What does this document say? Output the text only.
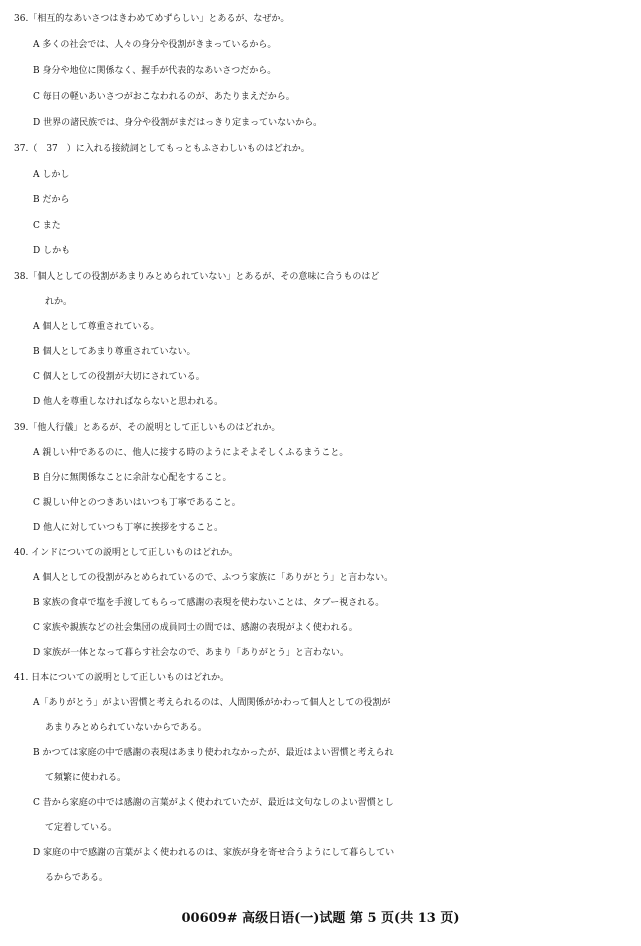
36.「相互的なあいさつはきわめてめずらしい」とあるが、なぜか。
A 多くの社会では、人々の身分や役割がきまっているから。
B 身分や地位に関係なく、握手が代表的なあいさつだから。
C 毎日の軽いあいさつがおこなわれるのが、あたりまえだから。
D 世界の諸民族では、身分や役割がまだはっきり定まっていないから。
37.（　37　）に入れる接続詞としてもっともふさわしいものはどれか。
A しかし
B だから
C また
D しかも
38.「個人としての役割があまりみとめられていない」とあるが、その意味に合うものはど
れか。
A 個人として尊重されている。
B 個人としてあまり尊重されていない。
C 個人としての役割が大切にされている。
D 他人を尊重しなければならないと思われる。
39.「他人行儀」とあるが、その説明として正しいものはどれか。
A 親しい仲であるのに、他人に接する時のようによそよそしくふるまうこと。
B 自分に無関係なことに余計な心配をすること。
C 親しい仲とのつきあいはいつも丁寧であること。
D 他人に対していつも丁寧に挨拶をすること。
40. インドについての説明として正しいものはどれか。
A 個人としての役割がみとめられているので、ふつう家族に「ありがとう」と言わない。
B 家族の食卓で塩を手渡してもらって感謝の表現を使わないことは、タブー視される。
C 家族や親族などの社会集団の成員同士の間では、感謝の表現がよく使われる。
D 家族が一体となって暮らす社会なので、あまり「ありがとう」と言わない。
41. 日本についての説明として正しいものはどれか。
A「ありがとう」がよい習慣と考えられるのは、人間関係がかわって個人としての役割が
あまりみとめられていないからである。
B かつては家庭の中で感謝の表現はあまり使われなかったが、最近はよい習慣と考えられ
て頻繁に使われる。
C 昔から家庭の中では感謝の言葉がよく使われていたが、最近は文句なしのよい習慣とし
て定着している。
D 家庭の中で感謝の言葉がよく使われるのは、家族が身を寄せ合うようにして暮らしてい
るからである。
00609# 高级日语(一)试题 第 5 页(共 13 页)
